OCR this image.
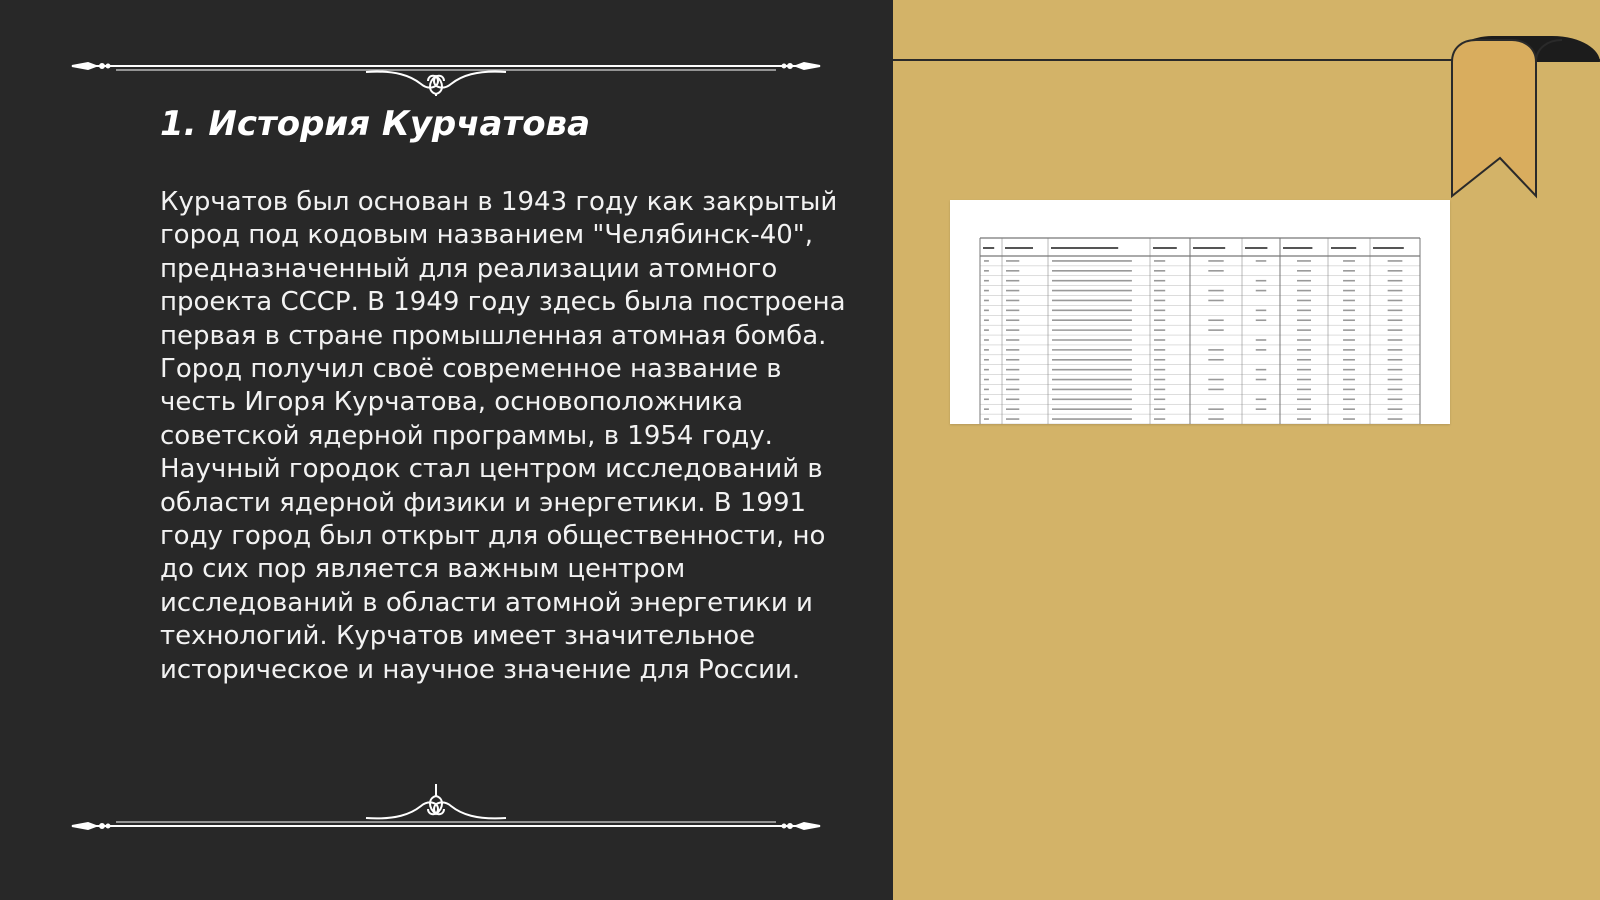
1. История Курчатова

Курчатов был основан в 1943 году как закрытый город под кодовым названием "Челябинск-40", предназначенный для реализации атомного проекта СССР. В 1949 году здесь была построена первая в стране промышленная атомная бомба. Город получил своё современное название в честь Игоря Курчатова, основоположника советской ядерной программы, в 1954 году. Научный городок стал центром исследований в области ядерной физики и энергетики. В 1991 году город был открыт для общественности, но до сих пор является важным центром исследований в области атомной энергетики и технологий. Курчатов имеет значительное историческое и научное значение для России.
